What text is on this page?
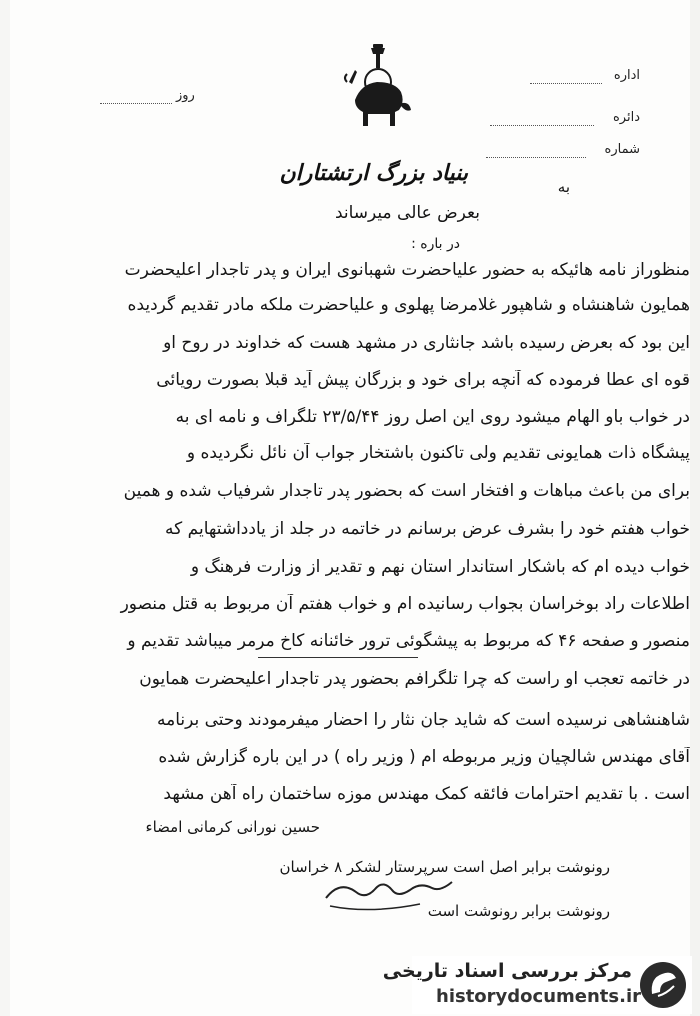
روز
اداره
دائره
شماره
بنیاد بزرگ ارتشتاران
به
بعرض عالی میرساند
در باره :
منظوراز نامه هائیکه به حضور علیاحضرت شهبانوی ایران و پدر تاجدار اعلیحضرت
همایون شاهنشاه و شاهپور غلامرضا پهلوی و علیاحضرت ملکه مادر تقدیم گردیده
این بود که بعرض رسیده باشد جانثاری در مشهد هست که خداوند در روح او
قوه ای عطا فرموده که آنچه برای خود و بزرگان پیش آید قبلا بصورت رویائی
در خواب باو الهام میشود روی این اصل روز ۲۳/۵/۴۴ تلگراف و نامه ای به
پیشگاه ذات همایونی تقدیم ولی تاکنون باشتخار جواب آن نائل نگردیده و
برای من باعث مباهات و افتخار است که بحضور پدر تاجدار شرفیاب شده و همین
خواب هفتم خود را بشرف عرض برسانم در خاتمه در جلد از یادداشتهایم که
خواب دیده ام که باشکار استاندار استان نهم و تقدیر از وزارت فرهنگ و
اطلاعات راد بوخراسان بجواب رسانیده ام و خواب هفتم آن مربوط به قتل منصور
منصور و صفحه ۴۶ که مربوط به پیشگوئی ترور خائنانه کاخ مرمر میباشد تقدیم و
در خاتمه تعجب او راست که چرا تلگرافم بحضور پدر تاجدار اعلیحضرت همایون
شاهنشاهی نرسیده است که شاید جان نثار را احضار میفرمودند وحتی برنامه
آقای مهندس شالچیان وزیر مربوطه ام ( وزیر راه ) در این باره گزارش شده
است . با تقدیم احترامات فائقه کمک مهندس موزه ساختمان راه آهن مشهد
حسین نورانی کرمانی امضاء
رونوشت برابر اصل است سرپرستار لشکر ۸ خراسان
رونوشت برابر رونوشت است
مرکز بررسی اسناد تاریخی
historydocuments.ir
